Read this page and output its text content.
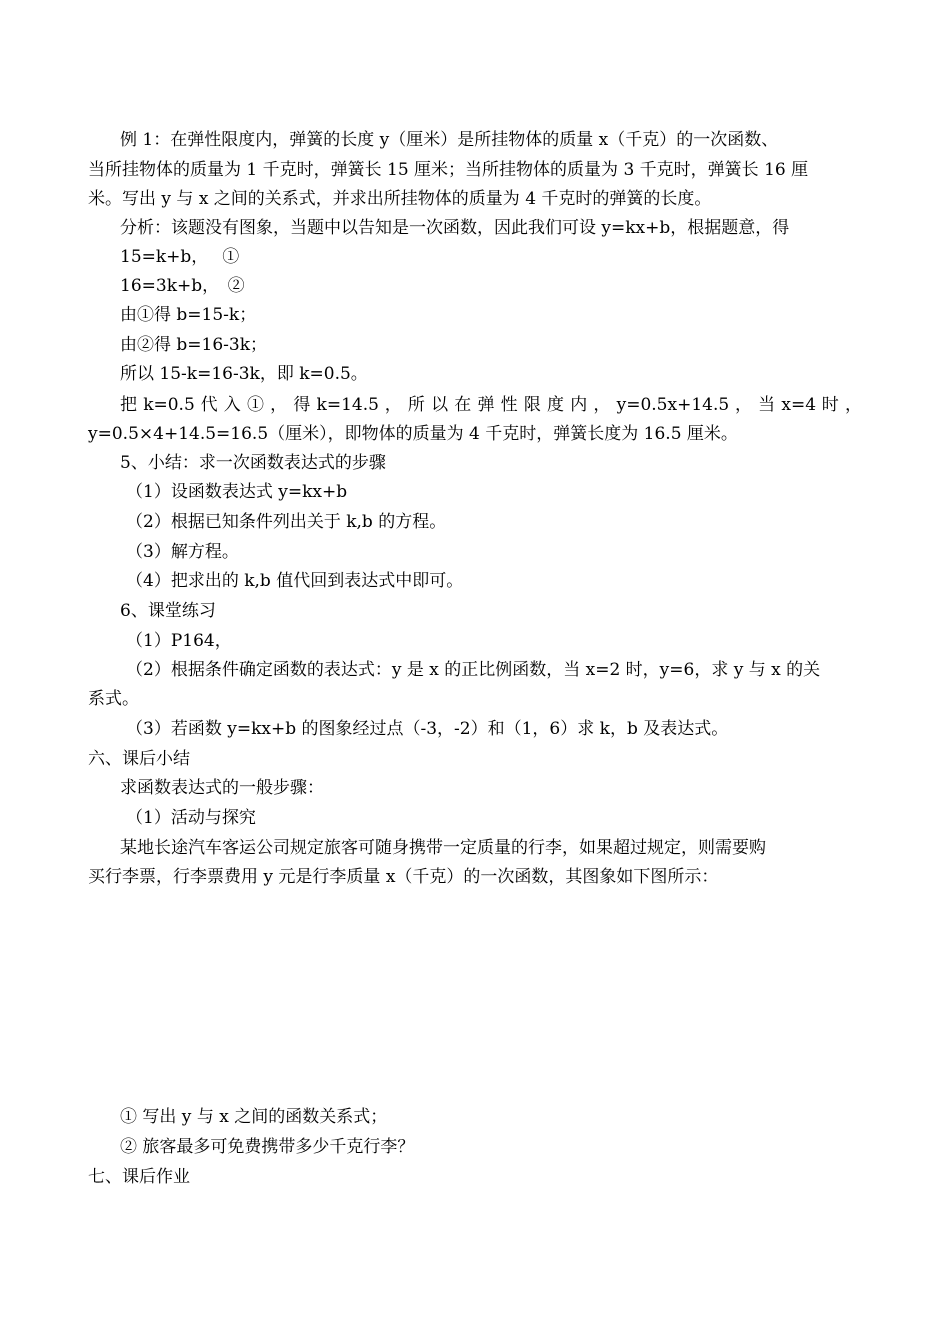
例 1：在弹性限度内，弹簧的长度 y（厘米）是所挂物体的质量 x（千克）的一次函数、
当所挂物体的质量为 1 千克时，弹簧长 15 厘米；当所挂物体的质量为 3 千克时，弹簧长 16 厘
米。写出 y 与 x 之间的关系式，并求出所挂物体的质量为 4 千克时的弹簧的长度。
分析：该题没有图象，当题中以告知是一次函数，因此我们可设 y=kx+b，根据题意，得
15=k+b，　 ①
16=3k+b，　②
由①得 b=15-k；
由②得 b=16-3k；
所以 15-k=16-3k，即 k=0.5。
把 k=0.5 代 入 ① ， 得 k=14.5 ， 所 以 在 弹 性 限 度 内 ， y=0.5x+14.5 ， 当 x=4 时 ，
y=0.5×4+14.5=16.5（厘米），即物体的质量为 4 千克时，弹簧长度为 16.5 厘米。
5、小结：求一次函数表达式的步骤
（1）设函数表达式 y=kx+b
（2）根据已知条件列出关于 k,b 的方程。
（3）解方程。
（4）把求出的 k,b 值代回到表达式中即可。
6、课堂练习
（1）P164，
（2）根据条件确定函数的表达式：y 是 x 的正比例函数，当 x=2 时，y=6，求 y 与 x 的关
系式。
（3）若函数 y=kx+b 的图象经过点（-3，-2）和（1，6）求 k，b 及表达式。
六、课后小结
求函数表达式的一般步骤：
（1）活动与探究
某地长途汽车客运公司规定旅客可随身携带一定质量的行李，如果超过规定，则需要购
买行李票，行李票费用 y 元是行李质量 x（千克）的一次函数，其图象如下图所示：
① 写出 y 与 x 之间的函数关系式；
② 旅客最多可免费携带多少千克行李？
七、课后作业
